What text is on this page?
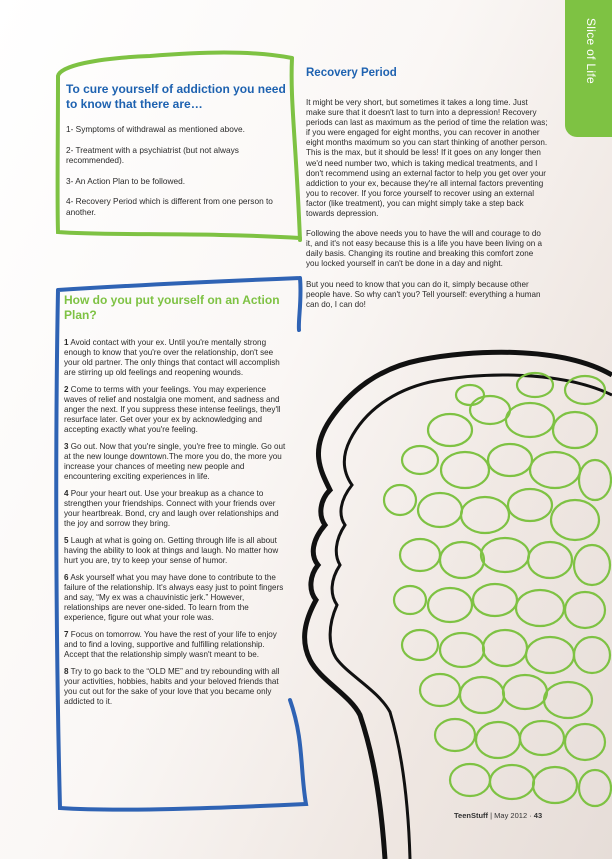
Slice of Life
To cure yourself of addiction you need to know that there are…

1- Symptoms of withdrawal as mentioned above.

2- Treatment with a psychiatrist (but not always recommended).

3- An Action Plan to be followed.

4- Recovery Period which is different from one person to another.

Recovery Period

It might be very short, but sometimes it takes a long time. Just make sure that it doesn't last to turn into a depression! Recovery periods can last as maximum as the period of time the relation was; if you were engaged for eight months, you can recover in another eight months maximum so you can start thinking of another person. This is the max, but it should be less! If it goes on any longer then we'd need number two, which is taking medical treatments, and I don't recommend using an external factor to help you get over your addiction to your ex, because they're all internal factors preventing you to recover. If you force yourself to recover using an external factor (like treatment), you can might simply take a step back towards depression.

Following the above needs you to have the will and courage to do it, and it's not easy because this is a life you have been living on a daily basis. Changing its routine and breaking this comfort zone you locked yourself in can't be done in a day and night.

But you need to know that you can do it, simply because other people have. So why can't you? Tell yourself: everything a human can do, I can do!

How do you put yourself on an Action Plan?

1 Avoid contact with your ex. Until you're mentally strong enough to know that you're over the relationship, don't see your old partner. The only things that contact will accomplish are stirring up old feelings and reopening wounds.

2 Come to terms with your feelings. You may experience waves of relief and nostalgia one moment, and sadness and anger the next. If you suppress these intense feelings, they'll resurface later. Get over your ex by acknowledging and accepting exactly what you're feeling.

3 Go out. Now that you're single, you're free to mingle. Go out at the new lounge downtown.The more you do, the more you increase your chances of meeting new people and encountering exciting experiences in life.

4 Pour your heart out. Use your breakup as a chance to strengthen your friendships. Connect with your friends over your heartbreak. Bond, cry and laugh over relationships and the joy and sorrow they bring.

5 Laugh at what is going on. Getting through life is all about having the ability to look at things and laugh. No matter how hurt you are, try to keep your sense of humor.

6 Ask yourself what you may have done to contribute to the failure of the relationship. It's always easy just to point fingers and say, “My ex was a chauvinistic jerk.” However, relationships are never one-sided. To learn from the experience, figure out what your role was.

7 Focus on tomorrow. You have the rest of your life to enjoy and to find a loving, supportive and fulfilling relationship. Accept that the relationship simply wasn't meant to be.

8 Try to go back to the “OLD ME” and try rebounding with all your activities, hobbies, habits and your beloved friends that you cut out for the sake of your love that you became only addicted to it.

TeenStuff | May 2012 · 43
